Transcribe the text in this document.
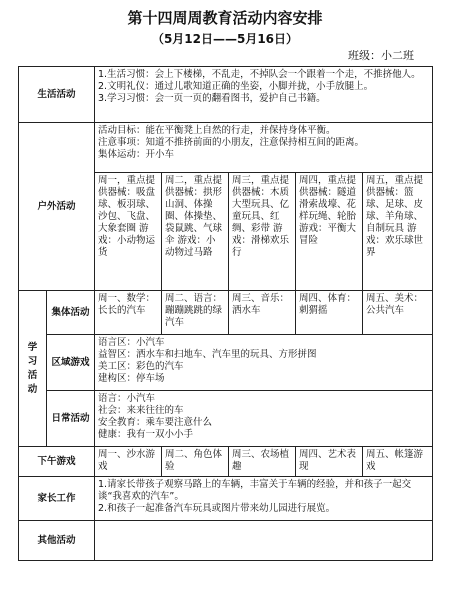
第十四周周教育活动内容安排
（5月12日——5月16日）
班级：小二班
生活活动		1.生活习惯：会上下楼梯，不乱走，不掉队会一个跟着一个走，不推挤他人。
2.文明礼仪：通过儿歌知道正确的坐姿，小脚并拢，小手放腿上。
3.学习习惯：会一页一页的翻看图书，爱护自己书籍。				

户外活动		活动目标：能在平衡凳上自然的行走，并保持身体平衡。
注意事项：知道不推挤前面的小朋友，注意保持相互间的距离。
集体运动：开小车				

		周一，重点提供器械：吸盘球、板羽球、沙包、飞盘、大象套圈 游戏：小动物运货	周二，重点提供器械：拱形山洞、体操圈、体操垫、袋鼠跳、气球伞 游戏：小动物过马路	周三，重点提供器械：木质大型玩具、亿童玩具、红绸、彩带 游戏：滑梯欢乐行	周四，重点提供器械：隧道滑索战壕、花样玩绳、轮胎 游戏：平衡大冒险	周五，重点提供器械：篮球、足球、皮球、羊角球、自制玩具 游戏：欢乐球世界
学习活动	集体活动	周一、数学：长长的汽车	周二、语言：蹦蹦跳跳的绿汽车	周三、音乐：洒水车	周四、体育：刺猬摇	周五、美术：公共汽车
	区域游戏	语言区：小汽车
益智区：洒水车和扫地车、汽车里的玩具、方形拼图
美工区：彩色的汽车
建构区：停车场				

	日常活动	语言：小汽车
社会：来来往往的车
安全教育：乘车要注意什么
健康：我有一双小小手				

下午游戏		周一、沙水游戏	周二、角色体验	周三、农场植趣	周四、艺术表现	周五、帐篷游戏
家长工作		1.请家长带孩子观察马路上的车辆，丰富关于车辆的经验，并和孩子一起交谈“我喜欢的汽车”。
2.和孩子一起准备汽车玩具或图片带来幼儿园进行展览。				

其他活动						
